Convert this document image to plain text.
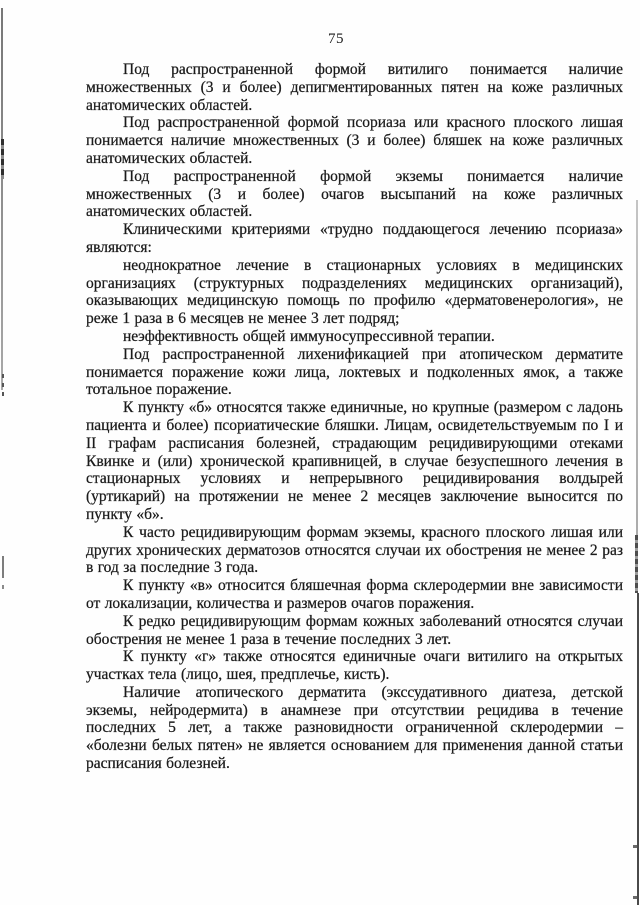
75

Под распространенной формой витилиго понимается наличие множественных (3 и более) депигментированных пятен на коже различных анатомических областей.

Под распространенной формой псориаза или красного плоского лишая понимается наличие множественных (3 и более) бляшек на коже различных анатомических областей.

Под распространенной формой экземы понимается наличие множественных (3 и более) очагов высыпаний на коже различных анатомических областей.

Клиническими критериями «трудно поддающегося лечению псориаза» являются:

неоднократное лечение в стационарных условиях в медицинских организациях (структурных подразделениях медицинских организаций), оказывающих медицинскую помощь по профилю «дерматовенерология», не реже 1 раза в 6 месяцев не менее 3 лет подряд;

неэффективность общей иммуносупрессивной терапии.

Под распространенной лихенификацией при атопическом дерматите понимается поражение кожи лица, локтевых и подколенных ямок, а также тотальное поражение.

К пункту «б» относятся также единичные, но крупные (размером с ладонь пациента и более) псориатические бляшки. Лицам, освидетельствуемым по I и II графам расписания болезней, страдающим рецидивирующими отеками Квинке и (или) хронической крапивницей, в случае безуспешного лечения в стационарных условиях и непрерывного рецидивирования волдырей (уртикарий) на протяжении не менее 2 месяцев заключение выносится по пункту «б».

К часто рецидивирующим формам экземы, красного плоского лишая или других хронических дерматозов относятся случаи их обострения не менее 2 раз в год за последние 3 года.

К пункту «в» относится бляшечная форма склеродермии вне зависимости от локализации, количества и размеров очагов поражения.

К редко рецидивирующим формам кожных заболеваний относятся случаи обострения не менее 1 раза в течение последних 3 лет.

К пункту «г» также относятся единичные очаги витилиго на открытых участках тела (лицо, шея, предплечье, кисть).

Наличие атопического дерматита (экссудативного диатеза, детской экземы, нейродермита) в анамнезе при отсутствии рецидива в течение последних 5 лет, а также разновидности ограниченной склеродермии – «болезни белых пятен» не является основанием для применения данной статьи расписания болезней.
